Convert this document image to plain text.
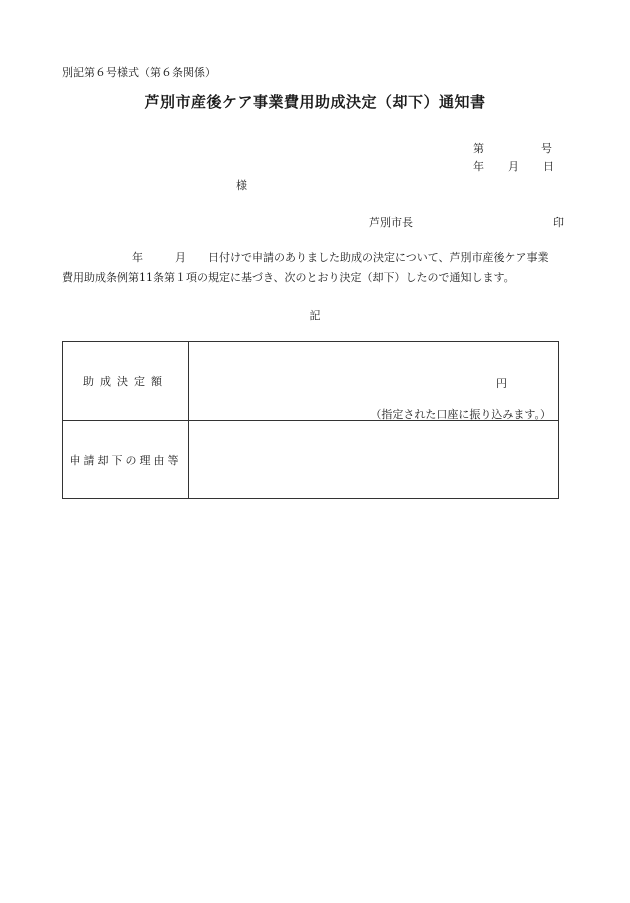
別記第６号様式（第６条関係）
芦別市産後ケア事業費用助成決定（却下）通知書
第	号
年 月 日
様
芦別市長	印
年	月 日付けで申請のありました助成の決定について、芦別市産後ケア事業
費用助成条例第11条第１項の規定に基づき、次のとおり決定（却下）したので通知します。
記
助成決定額	円
（指定された口座に振り込みます。）

申請却下の理由等	
